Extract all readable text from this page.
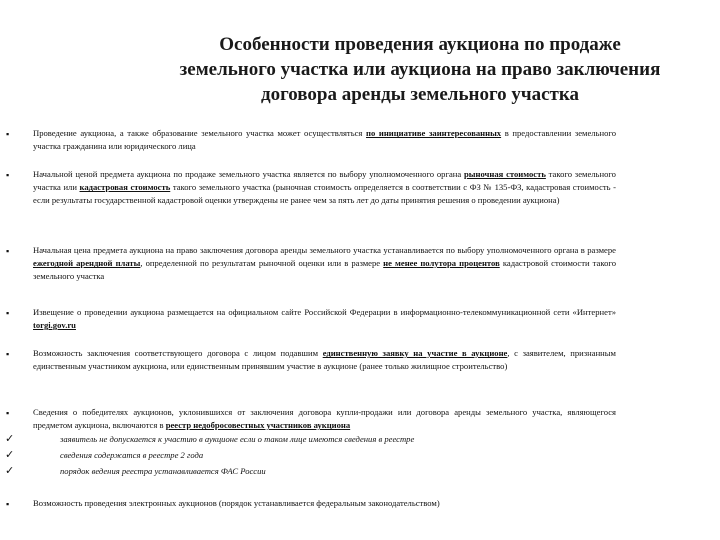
Особенности проведения аукциона по продаже
земельного участка или аукциона на право заключения
договора аренды земельного участка
▪	Проведение аукциона, а также образование земельного участка может осуществляться по инициативе заинтересованных в предоставлении земельного участка гражданина или юридического лица
▪	Начальной ценой предмета аукциона по продаже земельного участка является по выбору уполномоченного органа рыночная стоимость такого земельного участка или кадастровая стоимость такого земельного участка (рыночная стоимость определяется в соответствии с ФЗ № 135-ФЗ, кадастровая стоимость - если результаты государственной кадастровой оценки утверждены не ранее чем за пять лет до даты принятия решения о проведении аукциона)
▪	Начальная цена предмета аукциона на право заключения договора аренды земельного участка устанавливается по выбору уполномоченного органа в размере ежегодной арендной платы, определенной по результатам рыночной оценки или в размере не менее полутора процентов кадастровой стоимости такого земельного участка
▪	Извещение о проведении аукциона размещается на официальном сайте Российской Федерации в информационно-телекоммуникационной сети «Интернет» torgi.gov.ru
▪	Возможность заключения соответствующего договора с лицом подавшим единственную заявку на участие в аукционе, с заявителем, признанным единственным участником аукциона, или единственным принявшим участие в аукционе (ранее только жилищное строительство)
▪	Сведения о победителях аукционов, уклонившихся от заключения договора купли-продажи или договора аренды земельного участка, являющегося предметом аукциона, включаются в реестр недобросовестных участников аукциона
✓	заявитель не допускается к участию в аукционе если о таком лице имеются сведения в реестре
✓	сведения содержатся в реестре 2 года
✓	порядок ведения реестра устанавливается ФАС России
▪	Возможность проведения электронных аукционов (порядок устанавливается федеральным законодательством)
